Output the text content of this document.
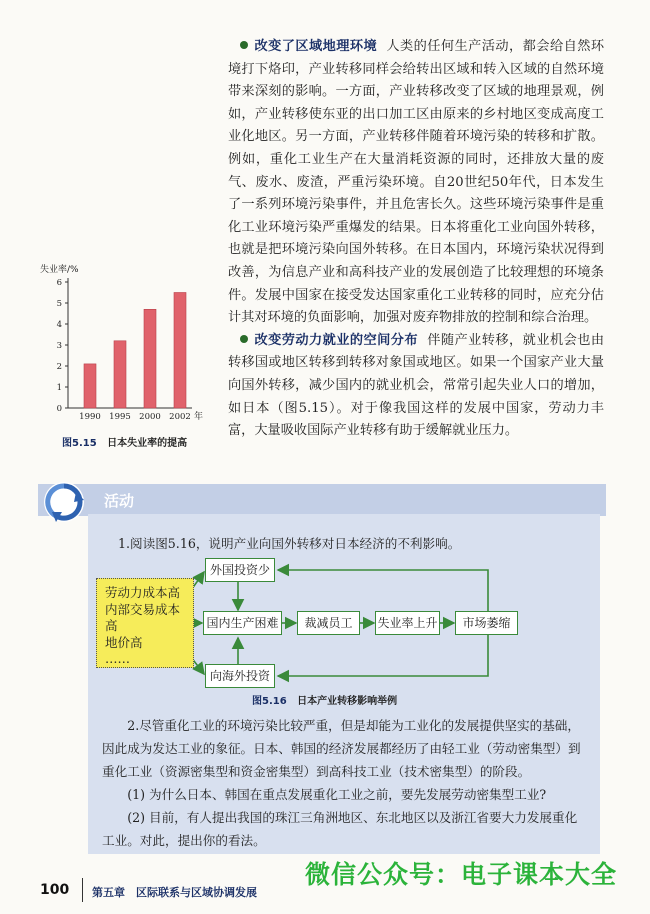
改变了区域地理环境 人类的任何生产活动，都会给自然环境打下烙印，产业转移同样会给转出区域和转入区域的自然环境带来深刻的影响。一方面，产业转移改变了区域的地理景观，例如，产业转移使东亚的出口加工区由原来的乡村地区变成高度工业化地区。另一方面，产业转移伴随着环境污染的转移和扩散。例如，重化工业生产在大量消耗资源的同时，还排放大量的废气、废水、废渣，严重污染环境。自20世纪50年代，日本发生了一系列环境污染事件，并且危害长久。这些环境污染事件是重化工业环境污染严重爆发的结果。日本将重化工业向国外转移，也就是把环境污染向国外转移。在日本国内，环境污染状况得到改善，为信息产业和高科技产业的发展创造了比较理想的环境条件。发展中国家在接受发达国家重化工业转移的同时，应充分估计其对环境的负面影响，加强对废弃物排放的控制和综合治理。

改变劳动力就业的空间分布 伴随产业转移，就业机会也由转移国或地区转移到转移对象国或地区。如果一个国家产业大量向国外转移，减少国内的就业机会，常常引起失业人口的增加，如日本（图5.15）。对于像我国这样的发展中国家，劳动力丰富，大量吸收国际产业转移有助于缓解就业压力。

失业率/%
0
1
2
3
4
5
6
1990 1995 2000 2002 年
图5.15 日本失业率的提高
活动

1.阅读图5.16，说明产业向国外转移对日本经济的不利影响。

劳动力成本高
内部交易成本高
地价高
……
外国投资少
国内生产困难	裁减员工	失业率上升	市场萎缩
向海外投资
图5.16 日本产业转移影响举例

2.尽管重化工业的环境污染比较严重，但是却能为工业化的发展提供坚实的基础，因此成为发达工业的象征。日本、韩国的经济发展都经历了由轻工业（劳动密集型）到重化工业（资源密集型和资金密集型）到高科技工业（技术密集型）的阶段。

(1) 为什么日本、韩国在重点发展重化工业之前，要先发展劳动密集型工业?

(2) 目前，有人提出我国的珠江三角洲地区、东北地区以及浙江省要大力发展重化工业。对此，提出你的看法。

100 第五章　区际联系与区域协调发展
微信公众号：电子课本大全
